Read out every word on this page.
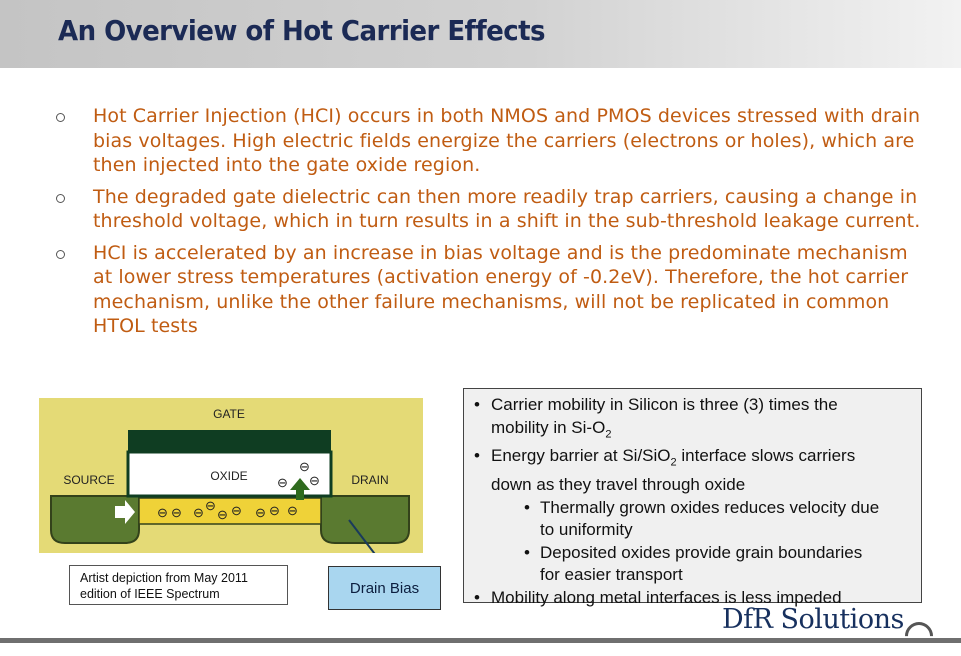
An Overview of Hot Carrier Effects
Hot Carrier Injection (HCI) occurs in both NMOS and PMOS devices stressed with drain bias voltages. High electric fields energize the carriers (electrons or holes), which are then injected into the gate oxide region.
The degraded gate dielectric can then more readily trap carriers, causing a change in threshold voltage, which in turn results in a shift in the sub-threshold leakage current.
HCI is accelerated by an increase in bias voltage and is the predominate mechanism at lower stress temperatures (activation energy of -0.2eV). Therefore, the hot carrier mechanism, unlike the other failure mechanisms, will not be replicated in common HTOL tests
GATE
OXIDE
SOURCE	DRAIN
⊖ ⊖ ⊖ ⊖
⊖ ⊖ ⊖ ⊖ ⊖
⊖
⊖
⊖
Artist depiction from May 2011
edition of IEEE Spectrum	Drain Bias
• Carrier mobility in Silicon is three (3) times the
mobility in $Si-O_2$
• Energy barrier at Si/SiO$_2$ interface slows carriers
down as they travel through oxide
• Thermally grown oxides reduces velocity due
to uniformity
• Deposited oxides provide grain boundaries
for easier transport
• Mobility along metal interfaces is less impeded
DfR Solutions
